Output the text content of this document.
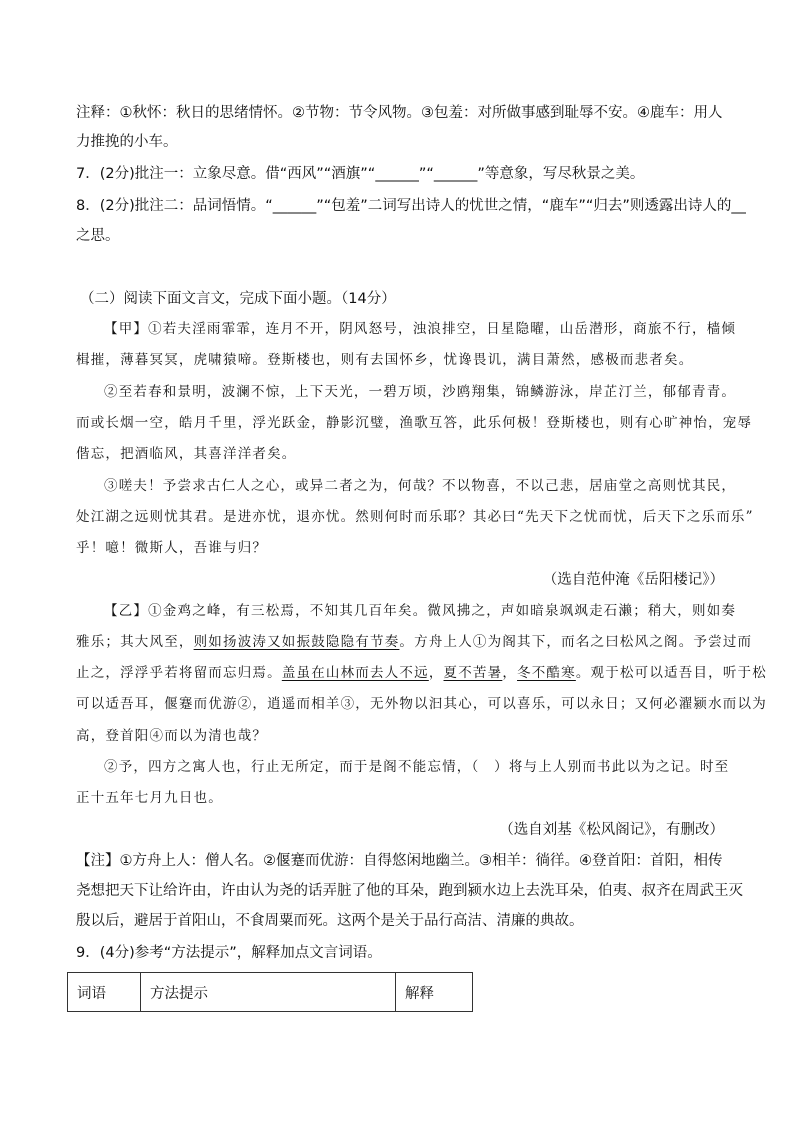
注释：①秋怀：秋日的思绪情怀。②节物：节令风物。③包羞：对所做事感到耻辱不安。④鹿车：用人
力推挽的小车。
7．(2分)批注一：立象尽意。借“西风”“酒旗”“______”“______”等意象，写尽秋景之美。
8．(2分)批注二：品词悟情。“______”“包羞”二词写出诗人的忧世之情，“鹿车”“归去”则透露出诗人的__
之思。
（二）阅读下面文言文，完成下面小题。（14分）
【甲】①若夫淫雨霏霏，连月不开，阴风怒号，浊浪排空，日星隐曜，山岳潜形，商旅不行，樯倾
楫摧，薄暮冥冥，虎啸猿啼。登斯楼也，则有去国怀乡，忧谗畏讥，满目萧然，感极而悲者矣。
②至若春和景明，波澜不惊，上下天光，一碧万顷，沙鸥翔集，锦鳞游泳，岸芷汀兰，郁郁青青。
而或长烟一空，皓月千里，浮光跃金，静影沉璧，渔歌互答，此乐何极！登斯楼也，则有心旷神怡，宠辱
偕忘，把酒临风，其喜洋洋者矣。
③嗟夫！予尝求古仁人之心，或异二者之为，何哉？不以物喜，不以己悲，居庙堂之高则忧其民，
处江湖之远则忧其君。是进亦忧，退亦忧。然则何时而乐耶？其必曰“先天下之忧而忧，后天下之乐而乐”
乎！噫！微斯人，吾谁与归？
（选自范仲淹《岳阳楼记》）
【乙】①金鸡之峰，有三松焉，不知其几百年矣。微风拂之，声如暗泉飒飒走石濑；稍大，则如奏
雅乐；其大风至，则如扬波涛又如振鼓隐隐有节奏。方舟上人①为阁其下，而名之曰松风之阁。予尝过而
止之，浮浮乎若将留而忘归焉。盖虽在山林而去人不远，夏不苦暑，冬不酷寒。观于松可以适吾目，听于松
可以适吾耳，偃蹇而优游②，逍遥而相羊③，无外物以汩其心，可以喜乐，可以永日；又何必濯颍水而以为
高，登首阳④而以为清也哉？
②予，四方之寓人也，行止无所定，而于是阁不能忘情，（　）将与上人别而书此以为之记。时至
正十五年七月九日也。
（选自刘基《松风阁记》，有删改）
【注】①方舟上人：僧人名。②偃蹇而优游：自得悠闲地幽兰。③相羊：徜徉。④登首阳：首阳，相传
尧想把天下让给许由，许由认为尧的话弄脏了他的耳朵，跑到颍水边上去洗耳朵，伯夷、叔齐在周武王灭
殷以后，避居于首阳山，不食周粟而死。这两个是关于品行高洁、清廉的典故。
9．(4分)参考“方法提示”，解释加点文言词语。
词语	方法提示	解释
